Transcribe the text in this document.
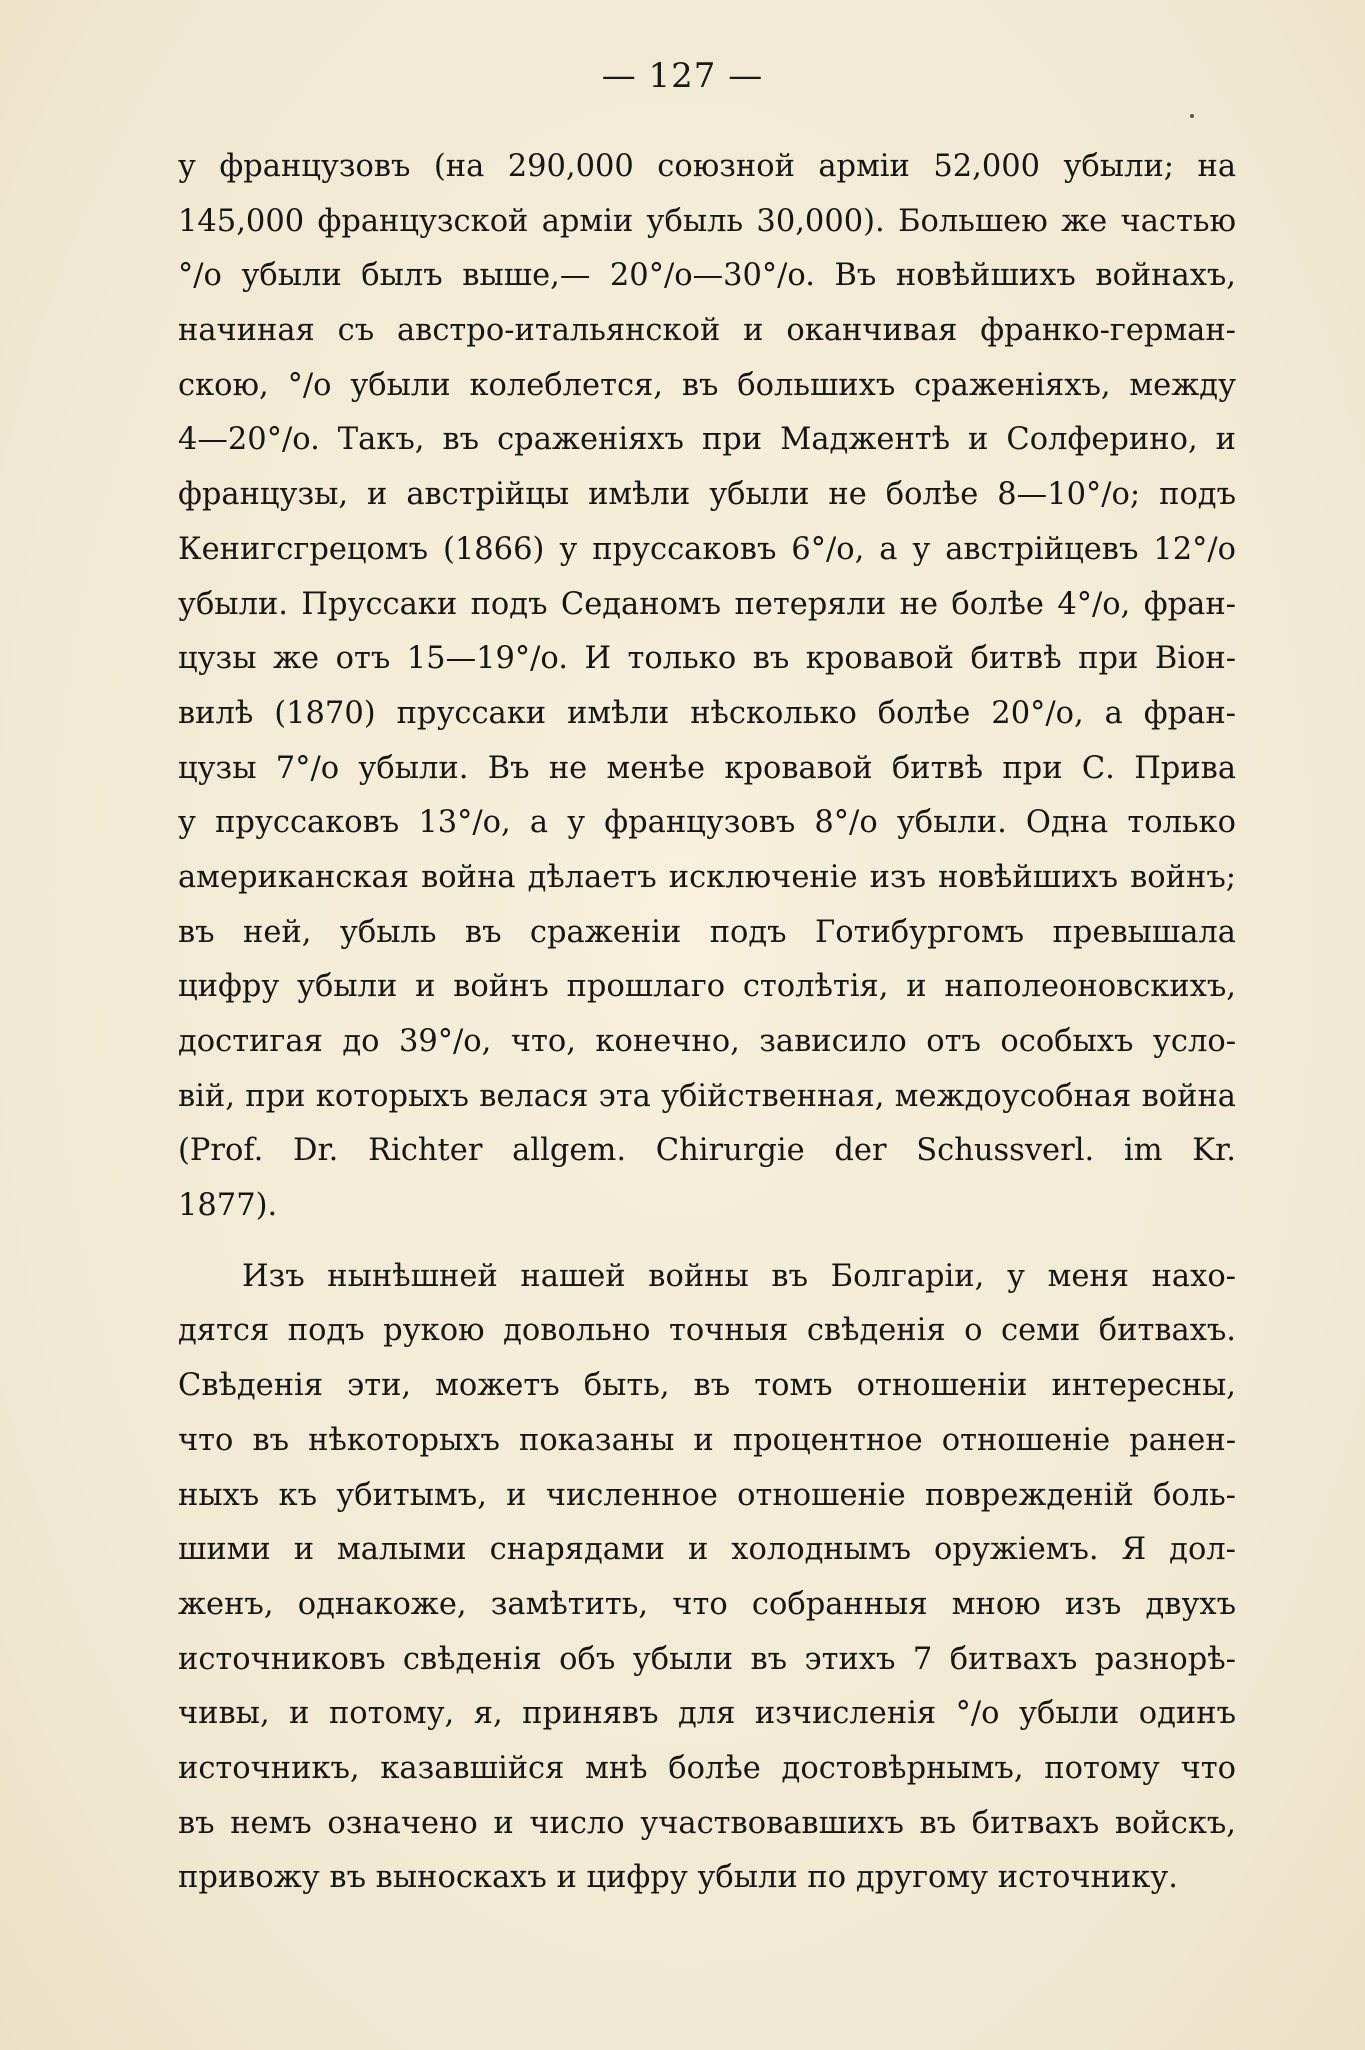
— 127 —
у французовъ (на 290,000 союзной арміи 52,000 убыли; на
145,000 французской арміи убыль 30,000). Большею же частью
°/o убыли былъ выше,— 20°/o—30°/o. Въ новѣйшихъ войнахъ,
начиная съ австро-итальянской и оканчивая франко-герман-
скою, °/o убыли колеблется, въ большихъ сраженіяхъ, между
4—20°/o. Такъ, въ сраженіяхъ при Маджентѣ и Солферино, и
французы, и австрійцы имѣли убыли не болѣе 8—10°/o; подъ
Кенигсгрецомъ (1866) у пруссаковъ 6°/o, а у австрійцевъ 12°/o
убыли. Пруссаки подъ Седаномъ петеряли не болѣе 4°/o, фран-
цузы же отъ 15—19°/o. И только въ кровавой битвѣ при Віон-
вилѣ (1870) пруссаки имѣли нѣсколько болѣе 20°/o, а фран-
цузы 7°/o убыли. Въ не менѣе кровавой битвѣ при С. Прива
у пруссаковъ 13°/o, а у французовъ 8°/o убыли. Одна только
американская война дѣлаетъ исключеніе изъ новѣйшихъ войнъ;
въ ней, убыль въ сраженіи подъ Готибургомъ превышала
цифру убыли и войнъ прошлаго столѣтія, и наполеоновскихъ,
достигая до 39°/o, что, конечно, зависило отъ особыхъ усло-
вій, при которыхъ велася эта убійственная, междоусобная война
(Prof. Dr. Richter allgem. Chirurgie der Schussverl. im Kr.
1877).
Изъ нынѣшней нашей войны въ Болгаріи, у меня нахо-
дятся подъ рукою довольно точныя свѣденія о семи битвахъ.
Свѣденія эти, можетъ быть, въ томъ отношеніи интересны,
что въ нѣкоторыхъ показаны и процентное отношеніе ранен-
ныхъ къ убитымъ, и численное отношеніе поврежденій боль-
шими и малыми снарядами и холоднымъ оружіемъ. Я дол-
женъ, однакоже, замѣтить, что собранныя мною изъ двухъ
источниковъ свѣденія объ убыли въ этихъ 7 битвахъ разнорѣ-
чивы, и потому, я, принявъ для изчисленія °/o убыли одинъ
источникъ, казавшійся мнѣ болѣе достовѣрнымъ, потому что
въ немъ означено и число участвовавшихъ въ битвахъ войскъ,
привожу въ выноскахъ и цифру убыли по другому источнику.
